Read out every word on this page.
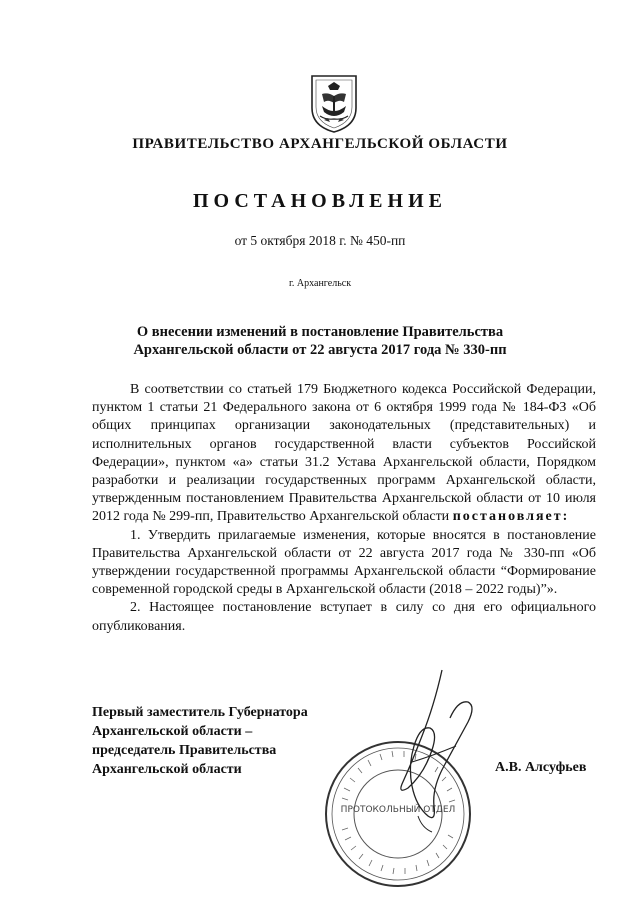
ПРАВИТЕЛЬСТВО АРХАНГЕЛЬСКОЙ ОБЛАСТИ
ПОСТАНОВЛЕНИЕ
от 5 октября 2018 г. № 450-пп
г. Архангельск
О внесении изменений в постановление Правительства
Архангельской области от 22 августа 2017 года № 330-пп

В соответствии со статьей 179 Бюджетного кодекса Российской Федерации, пунктом 1 статьи 21 Федерального закона от 6 октября 1999 года № 184-ФЗ «Об общих принципах организации законодательных (представительных) и исполнительных органов государственной власти субъектов Российской Федерации», пунктом «а» статьи 31.2 Устава Архангельской области, Порядком разработки и реализации государственных программ Архангельской области, утвержденным постановлением Правительства Архангельской области от 10 июля 2012 года № 299-пп, Правительство Архангельской области постановляет:

1. Утвердить прилагаемые изменения, которые вносятся в постановление Правительства Архангельской области от 22 августа 2017 года № 330-пп «Об утверждении государственной программы Архангельской области “Формирование современной городской среды в Архангельской области (2018 – 2022 годы)”».

2. Настоящее постановление вступает в силу со дня его официального опубликования.

Первый заместитель Губернатора
Архангельской области –
председатель Правительства
Архангельской области
ПРОТОКОЛЬНЫЙ ОТДЕЛ
А.В. Алсуфьев
